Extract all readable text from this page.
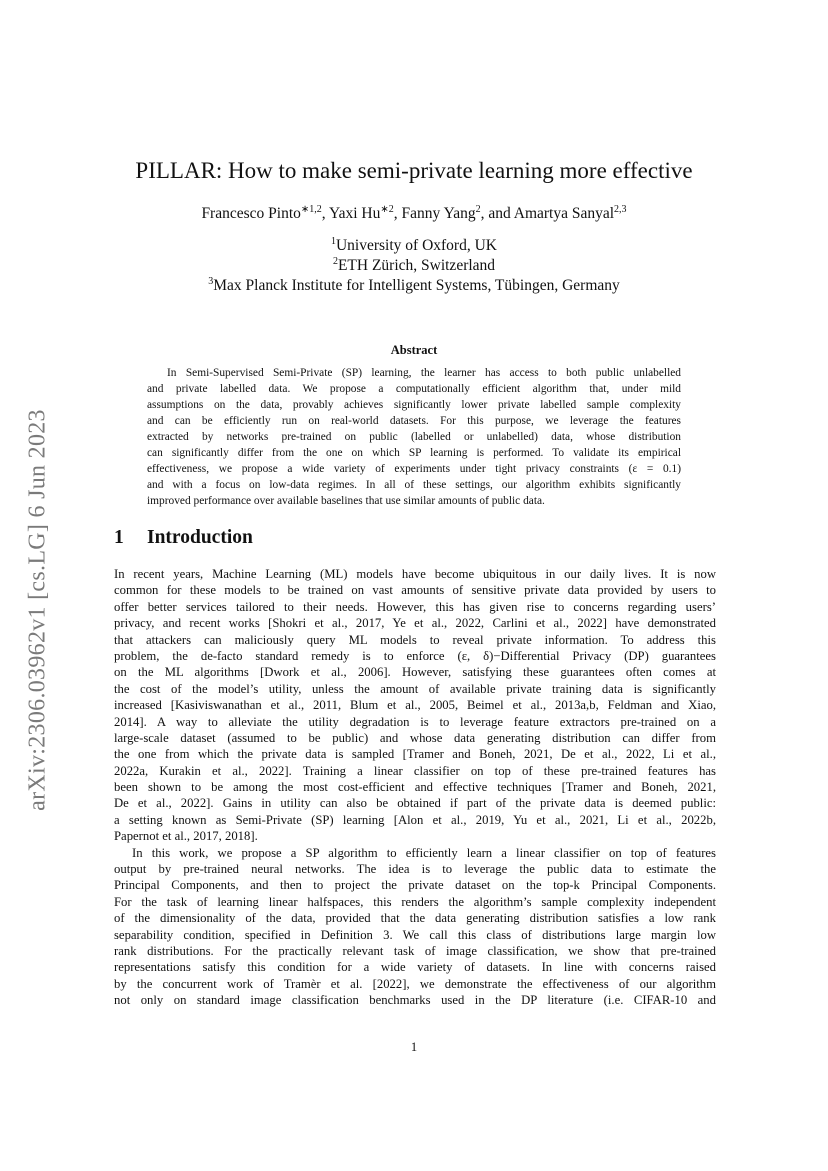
arXiv:2306.03962v1 [cs.LG] 6 Jun 2023
PILLAR: How to make semi-private learning more effective
Francesco Pinto$^{∗1,2}$, Yaxi $Hu^{∗2}$, Fanny Yang$^2$, and Amartya Sanyal$^{2,3}$
$^1$University of Oxford, UK
$^2$ETH Zürich, Switzerland
$^3$Max Planck Institute for Intelligent Systems, Tübingen, Germany
Abstract
In Semi-Supervised Semi-Private (SP) learning, the learner has access to both public unlabelled
and private labelled data. We propose a computationally efficient algorithm that, under mild
assumptions on the data, provably achieves significantly lower private labelled sample complexity
and can be efficiently run on real-world datasets. For this purpose, we leverage the features
extracted by networks pre-trained on public (labelled or unlabelled) data, whose distribution
can significantly differ from the one on which SP learning is performed. To validate its empirical
effectiveness, we propose a wide variety of experiments under tight privacy constraints (ε = 0.1)
and with a focus on low-data regimes. In all of these settings, our algorithm exhibits significantly
improved performance over available baselines that use similar amounts of public data.
1 Introduction
In recent years, Machine Learning (ML) models have become ubiquitous in our daily lives. It is now
common for these models to be trained on vast amounts of sensitive private data provided by users to
offer better services tailored to their needs. However, this has given rise to concerns regarding users’
privacy, and recent works [Shokri et al., 2017, Ye et al., 2022, Carlini et al., 2022] have demonstrated
that attackers can maliciously query ML models to reveal private information. To address this
problem, the de-facto standard remedy is to enforce (ε, δ)−Differential Privacy (DP) guarantees
on the ML algorithms [Dwork et al., 2006]. However, satisfying these guarantees often comes at
the cost of the model’s utility, unless the amount of available private training data is significantly
increased [Kasiviswanathan et al., 2011, Blum et al., 2005, Beimel et al., 2013a,b, Feldman and Xiao,
2014]. A way to alleviate the utility degradation is to leverage feature extractors pre-trained on a
large-scale dataset (assumed to be public) and whose data generating distribution can differ from
the one from which the private data is sampled [Tramer and Boneh, 2021, De et al., 2022, Li et al.,
2022a, Kurakin et al., 2022]. Training a linear classifier on top of these pre-trained features has
been shown to be among the most cost-efficient and effective techniques [Tramer and Boneh, 2021,
De et al., 2022]. Gains in utility can also be obtained if part of the private data is deemed public:
a setting known as Semi-Private (SP) learning [Alon et al., 2019, Yu et al., 2021, Li et al., 2022b,
Papernot et al., 2017, 2018].
In this work, we propose a SP algorithm to efficiently learn a linear classifier on top of features
output by pre-trained neural networks. The idea is to leverage the public data to estimate the
Principal Components, and then to project the private dataset on the top-k Principal Components.
For the task of learning linear halfspaces, this renders the algorithm’s sample complexity independent
of the dimensionality of the data, provided that the data generating distribution satisfies a low rank
separability condition, specified in Definition 3. We call this class of distributions large margin low
rank distributions. For the practically relevant task of image classification, we show that pre-trained
representations satisfy this condition for a wide variety of datasets. In line with concerns raised
by the concurrent work of Tramèr et al. [2022], we demonstrate the effectiveness of our algorithm
not only on standard image classification benchmarks used in the DP literature (i.e. CIFAR-10 and
1
